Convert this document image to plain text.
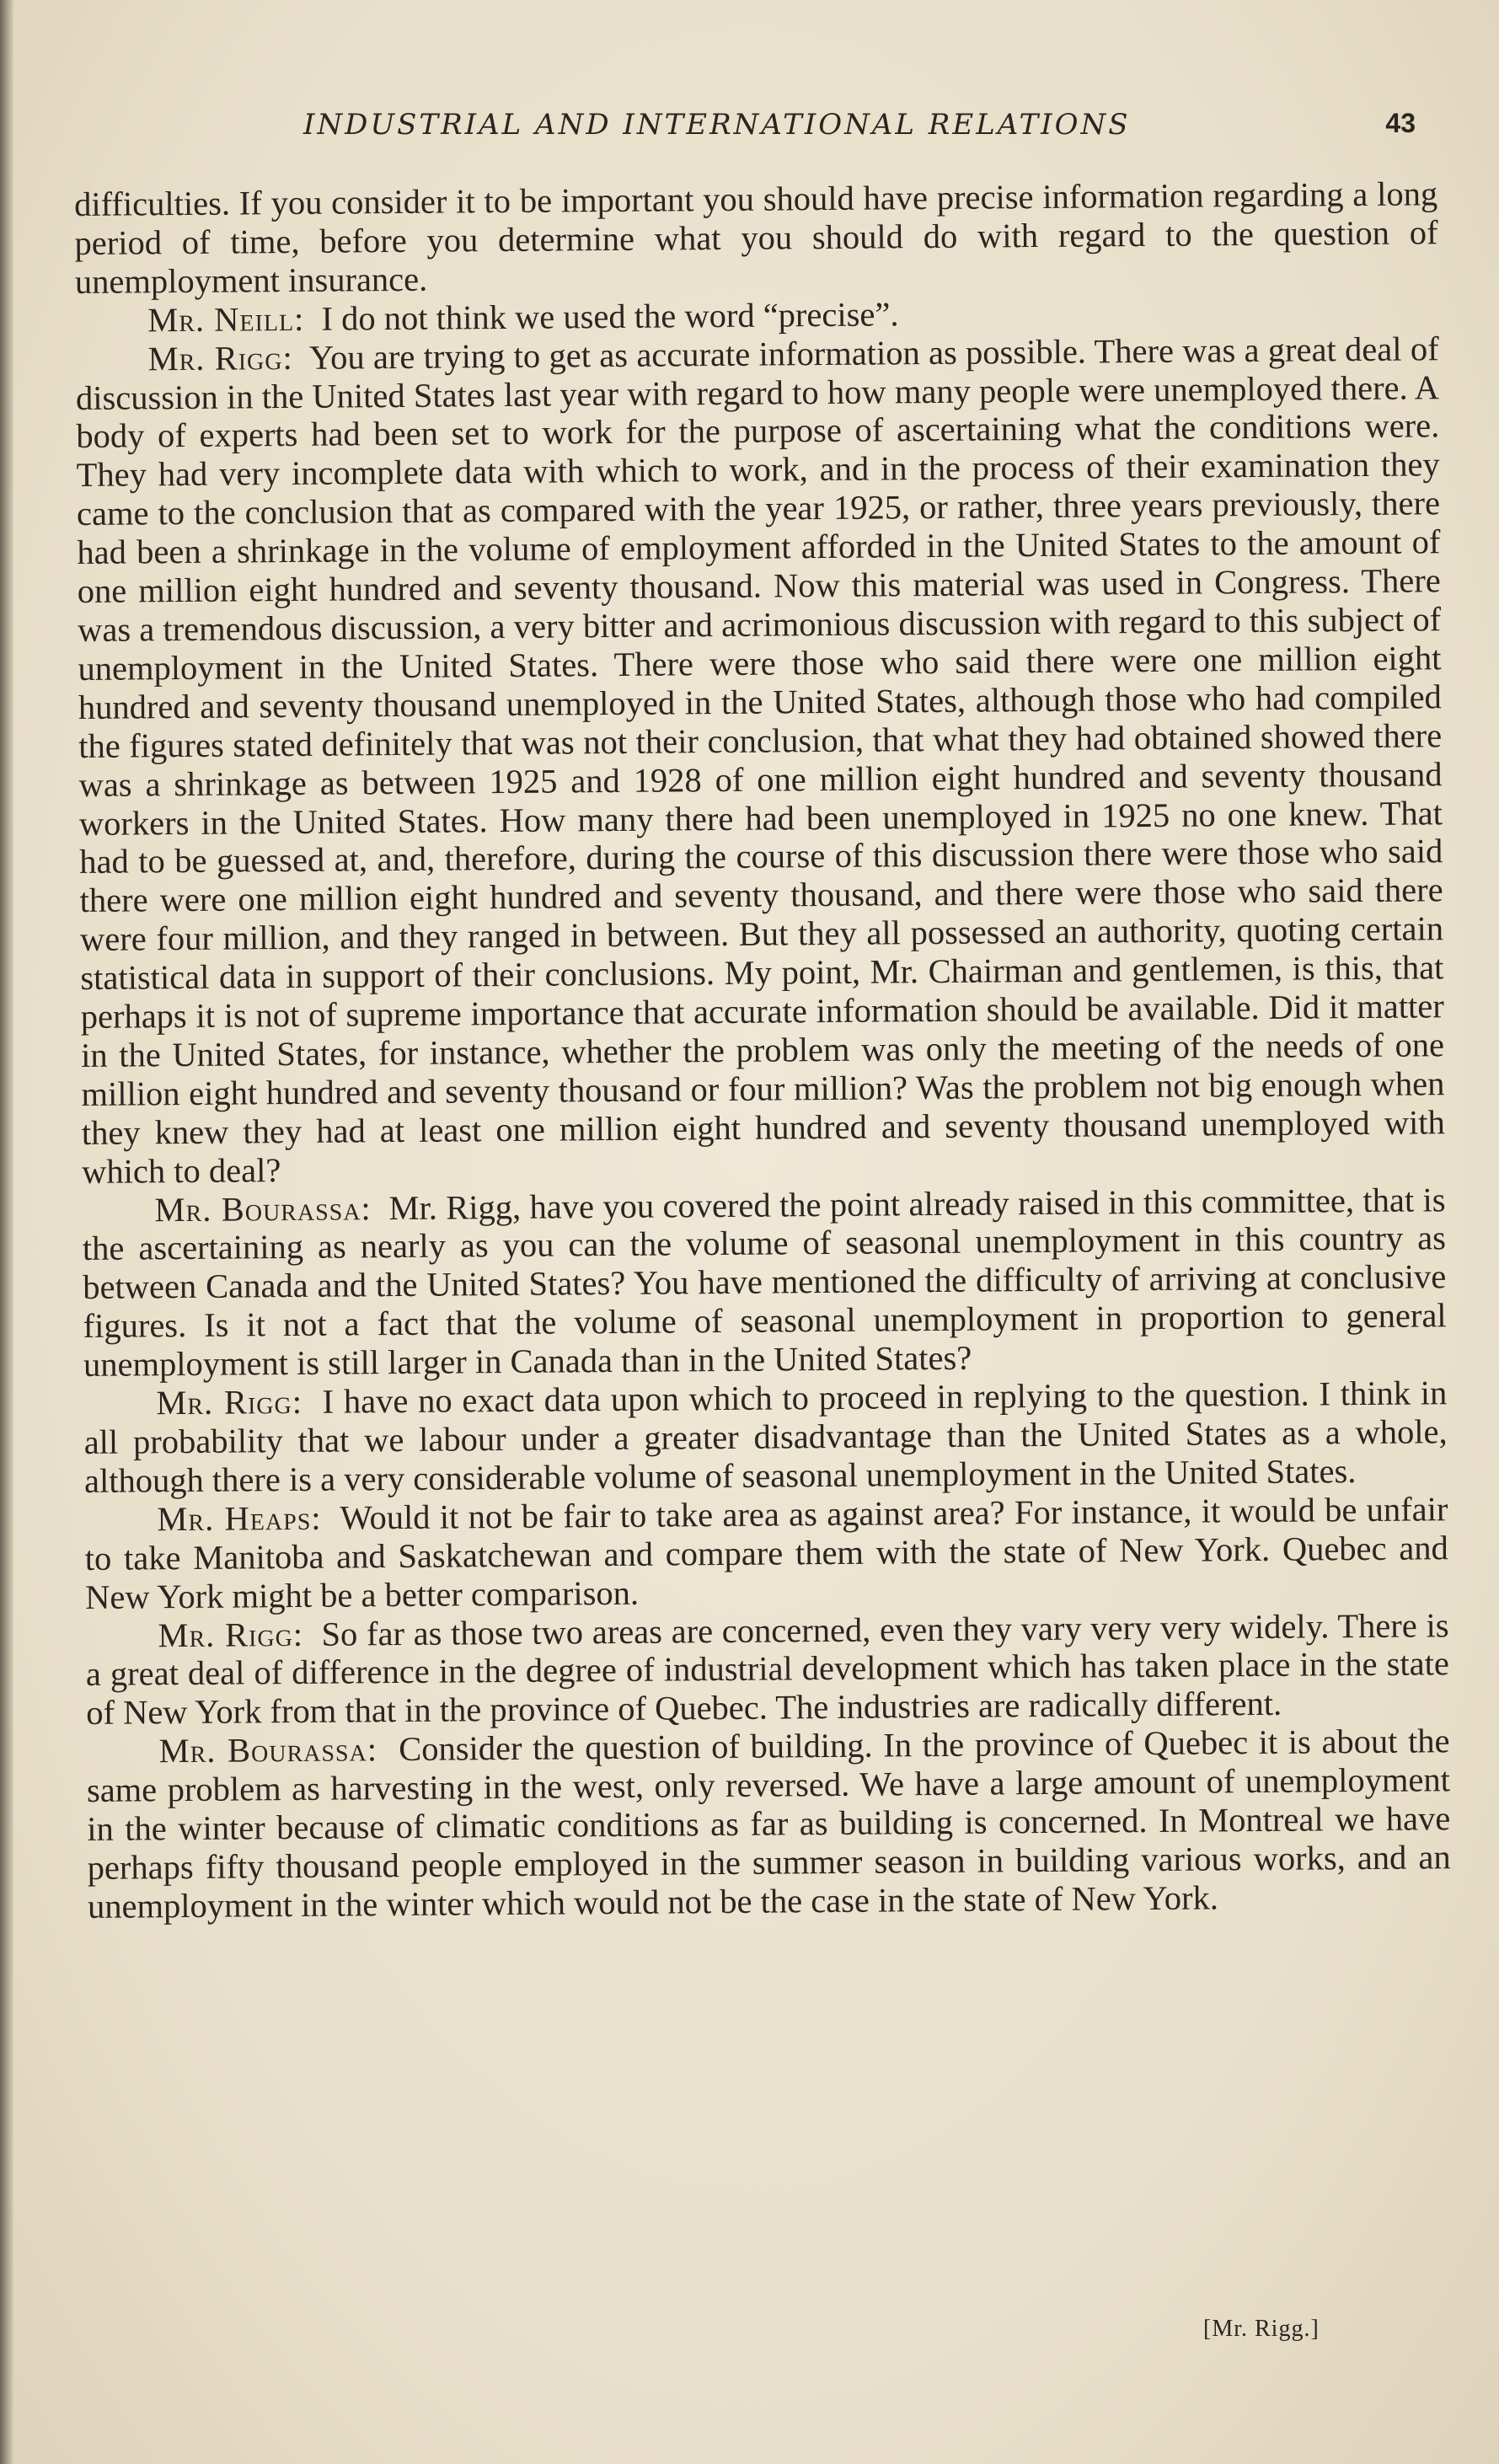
INDUSTRIAL AND INTERNATIONAL RELATIONS	43

difficulties. If you consider it to be important you should have precise information regarding a long period of time, before you determine what you should do with regard to the question of unemployment insurance.

Mr. Neill: I do not think we used the word “precise”.

Mr. Rigg: You are trying to get as accurate information as possible. There was a great deal of discussion in the United States last year with regard to how many people were unemployed there. A body of experts had been set to work for the purpose of ascertaining what the conditions were. They had very incomplete data with which to work, and in the process of their examination they came to the conclusion that as compared with the year 1925, or rather, three years previously, there had been a shrinkage in the volume of employment afforded in the United States to the amount of one million eight hundred and seventy thousand. Now this material was used in Congress. There was a tremendous discussion, a very bitter and acrimonious discussion with regard to this subject of unemployment in the United States. There were those who said there were one million eight hundred and seventy thousand unemployed in the United States, although those who had compiled the figures stated definitely that was not their conclusion, that what they had obtained showed there was a shrinkage as between 1925 and 1928 of one million eight hundred and seventy thousand workers in the United States. How many there had been unemployed in 1925 no one knew. That had to be guessed at, and, therefore, during the course of this discussion there were those who said there were one million eight hundred and seventy thousand, and there were those who said there were four million, and they ranged in between. But they all possessed an authority, quoting certain statistical data in support of their conclusions. My point, Mr. Chairman and gentlemen, is this, that perhaps it is not of supreme importance that accurate information should be available. Did it matter in the United States, for instance, whether the problem was only the meeting of the needs of one million eight hundred and seventy thousand or four million? Was the problem not big enough when they knew they had at least one million eight hundred and seventy thousand unemployed with which to deal?

Mr. Bourassa: Mr. Rigg, have you covered the point already raised in this committee, that is the ascertaining as nearly as you can the volume of seasonal unemployment in this country as between Canada and the United States? You have mentioned the difficulty of arriving at conclusive figures. Is it not a fact that the volume of seasonal unemployment in proportion to general unemployment is still larger in Canada than in the United States?

Mr. Rigg: I have no exact data upon which to proceed in replying to the question. I think in all probability that we labour under a greater disadvantage than the United States as a whole, although there is a very considerable volume of seasonal unemployment in the United States.

Mr. Heaps: Would it not be fair to take area as against area? For instance, it would be unfair to take Manitoba and Saskatchewan and compare them with the state of New York. Quebec and New York might be a better comparison.

Mr. Rigg: So far as those two areas are concerned, even they vary very very widely. There is a great deal of difference in the degree of industrial development which has taken place in the state of New York from that in the province of Quebec. The industries are radically different.

Mr. Bourassa: Consider the question of building. In the province of Quebec it is about the same problem as harvesting in the west, only reversed. We have a large amount of unemployment in the winter because of climatic conditions as far as building is concerned. In Montreal we have perhaps fifty thousand people employed in the summer season in building various works, and an unemployment in the winter which would not be the case in the state of New York.

[Mr. Rigg.]
